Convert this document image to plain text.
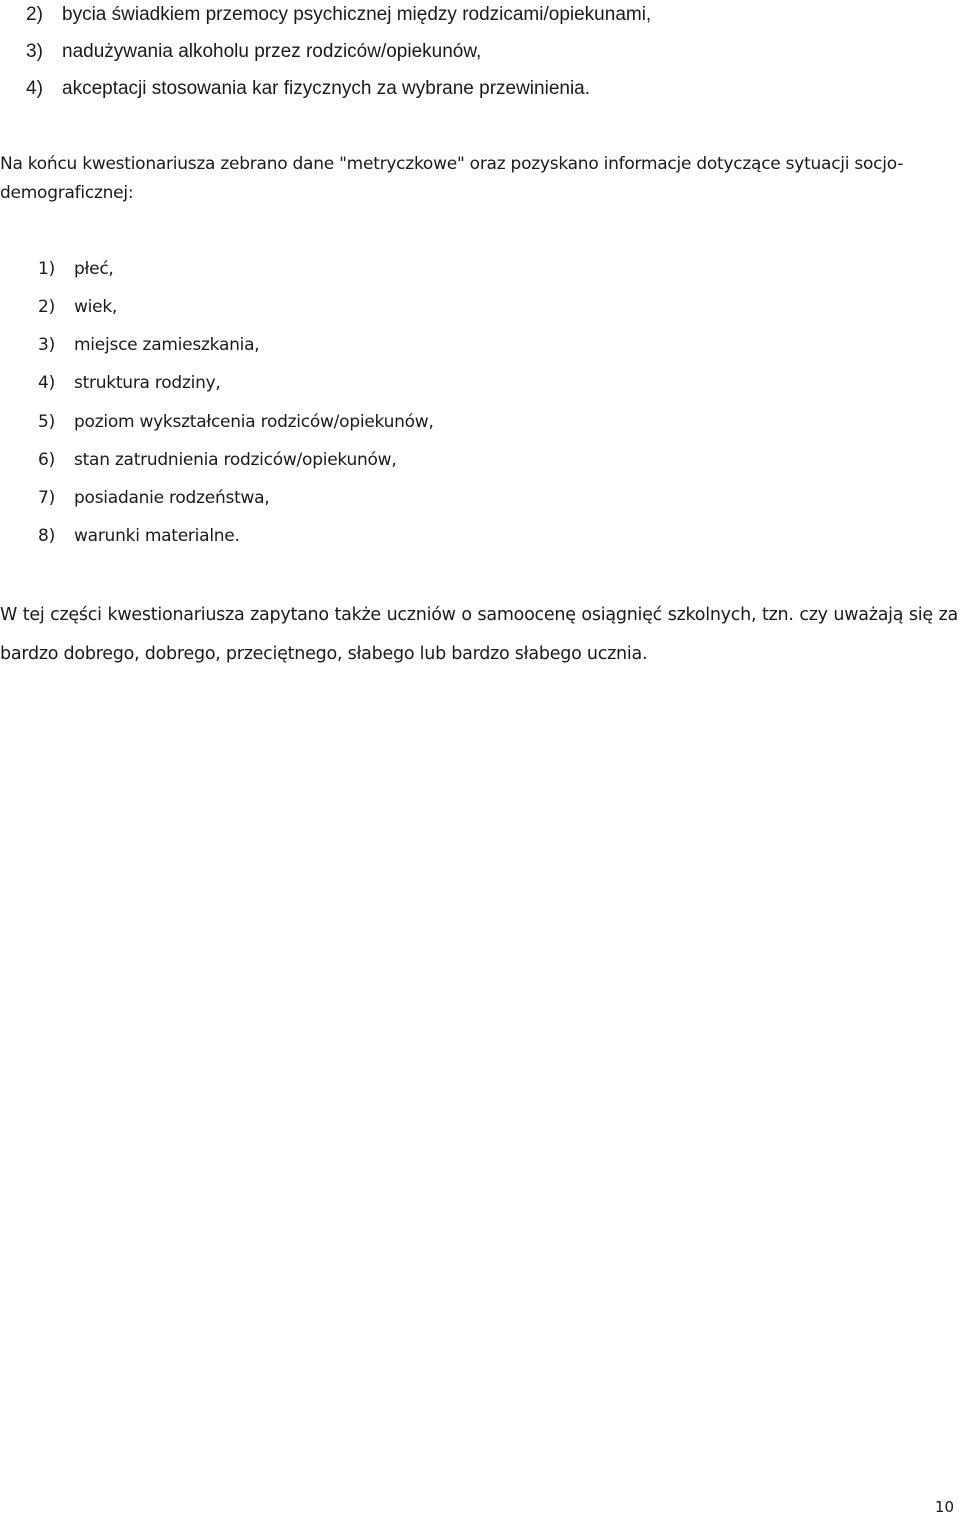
2) bycia świadkiem przemocy psychicznej między rodzicami/opiekunami,
3) nadużywania alkoholu przez rodziców/opiekunów,
4) akceptacji stosowania kar fizycznych za wybrane przewinienia.

Na końcu kwestionariusza zebrano dane "metryczkowe" oraz pozyskano informacje dotyczące sytuacji socjo-demograficznej:

1) płeć,
2) wiek,
3) miejsce zamieszkania,
4) struktura rodziny,
5) poziom wykształcenia rodziców/opiekunów,
6) stan zatrudnienia rodziców/opiekunów,
7) posiadanie rodzeństwa,
8) warunki materialne.

W tej części kwestionariusza zapytano także uczniów o samoocenę osiągnięć szkolnych, tzn. czy uważają się za bardzo dobrego, dobrego, przeciętnego, słabego lub bardzo słabego ucznia.

10
